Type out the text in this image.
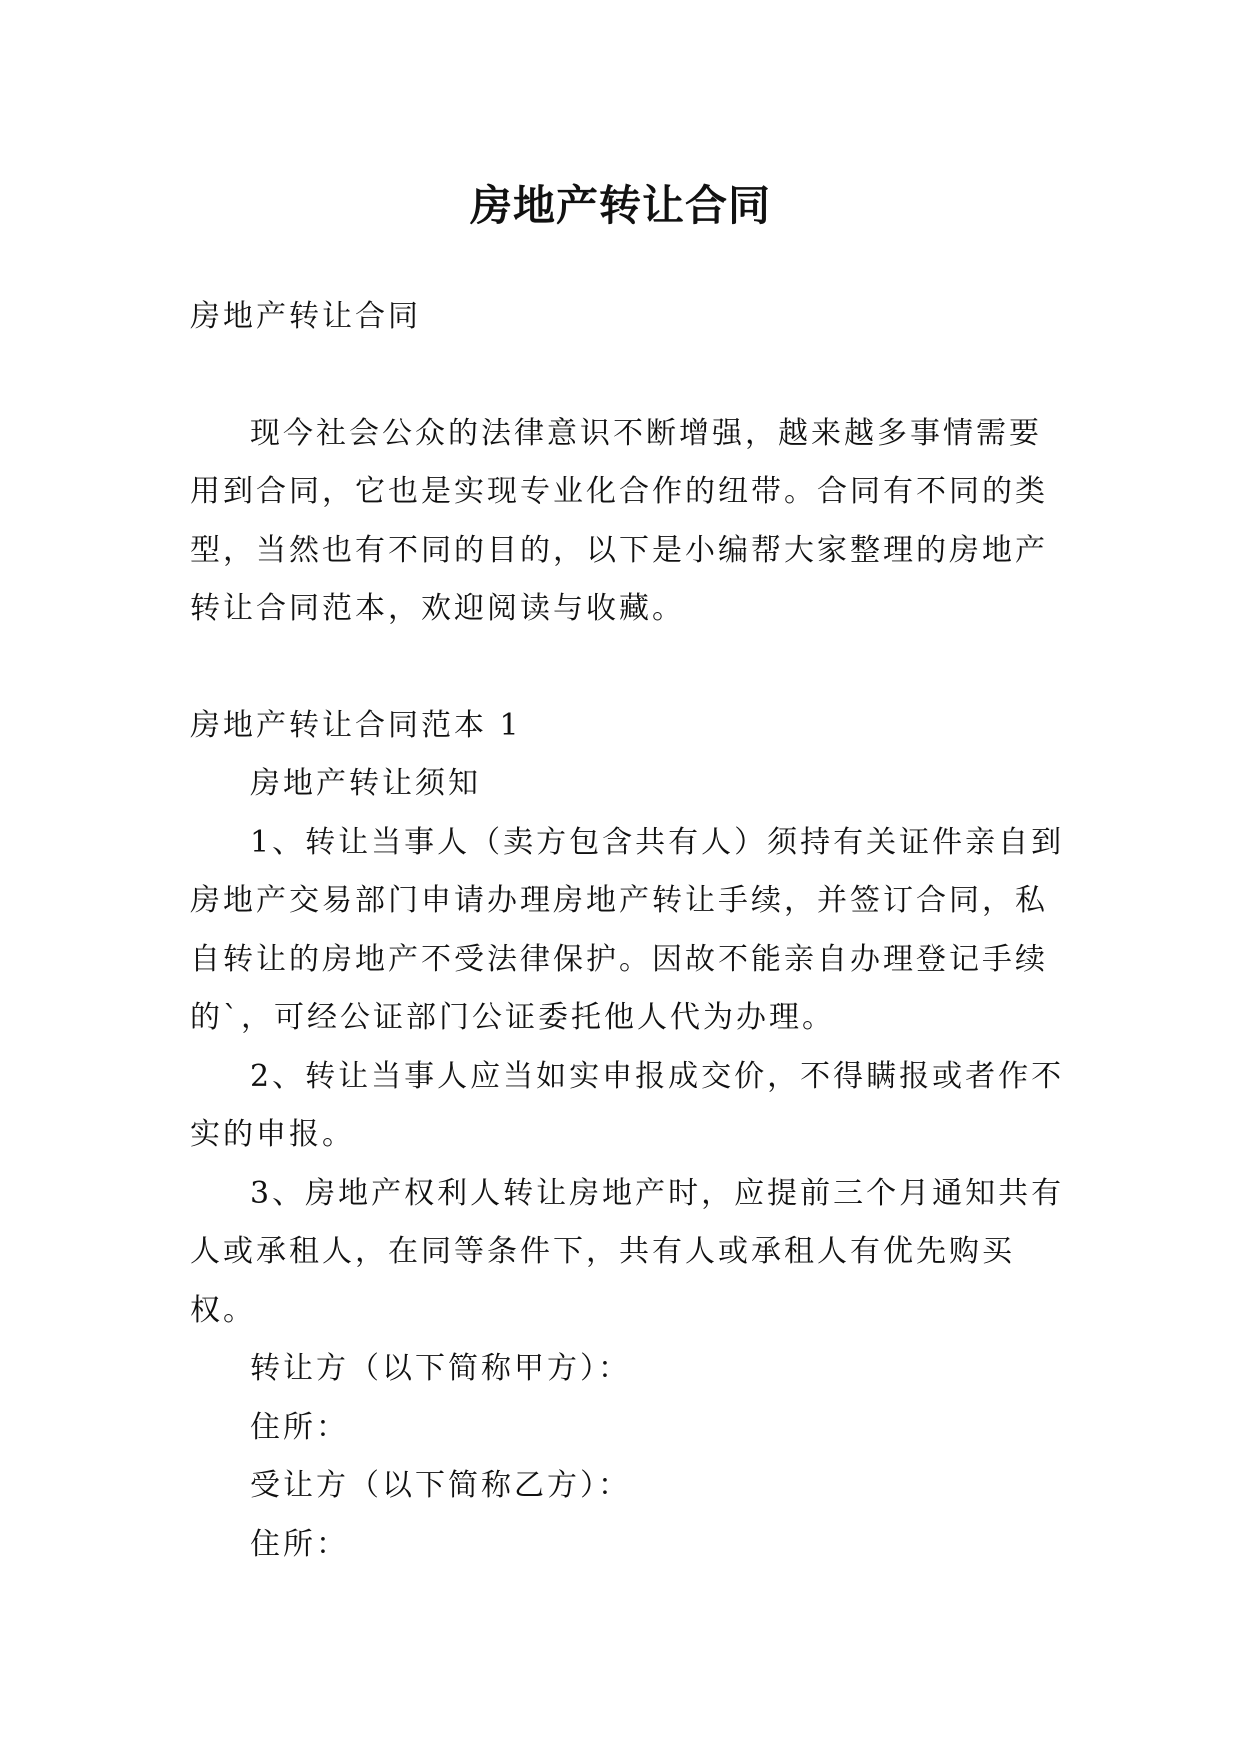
房地产转让合同

房地产转让合同

现今社会公众的法律意识不断增强，越来越多事情需要用到合同，它也是实现专业化合作的纽带。合同有不同的类型，当然也有不同的目的，以下是小编帮大家整理的房地产转让合同范本，欢迎阅读与收藏。

房地产转让合同范本 1

房地产转让须知

1、转让当事人（卖方包含共有人）须持有关证件亲自到房地产交易部门申请办理房地产转让手续，并签订合同，私自转让的房地产不受法律保护。因故不能亲自办理登记手续的`，可经公证部门公证委托他人代为办理。

2、转让当事人应当如实申报成交价，不得瞒报或者作不实的申报。

3、房地产权利人转让房地产时，应提前三个月通知共有人或承租人，在同等条件下，共有人或承租人有优先购买权。

转让方（以下简称甲方）：

住所：

受让方（以下简称乙方）：

住所：
